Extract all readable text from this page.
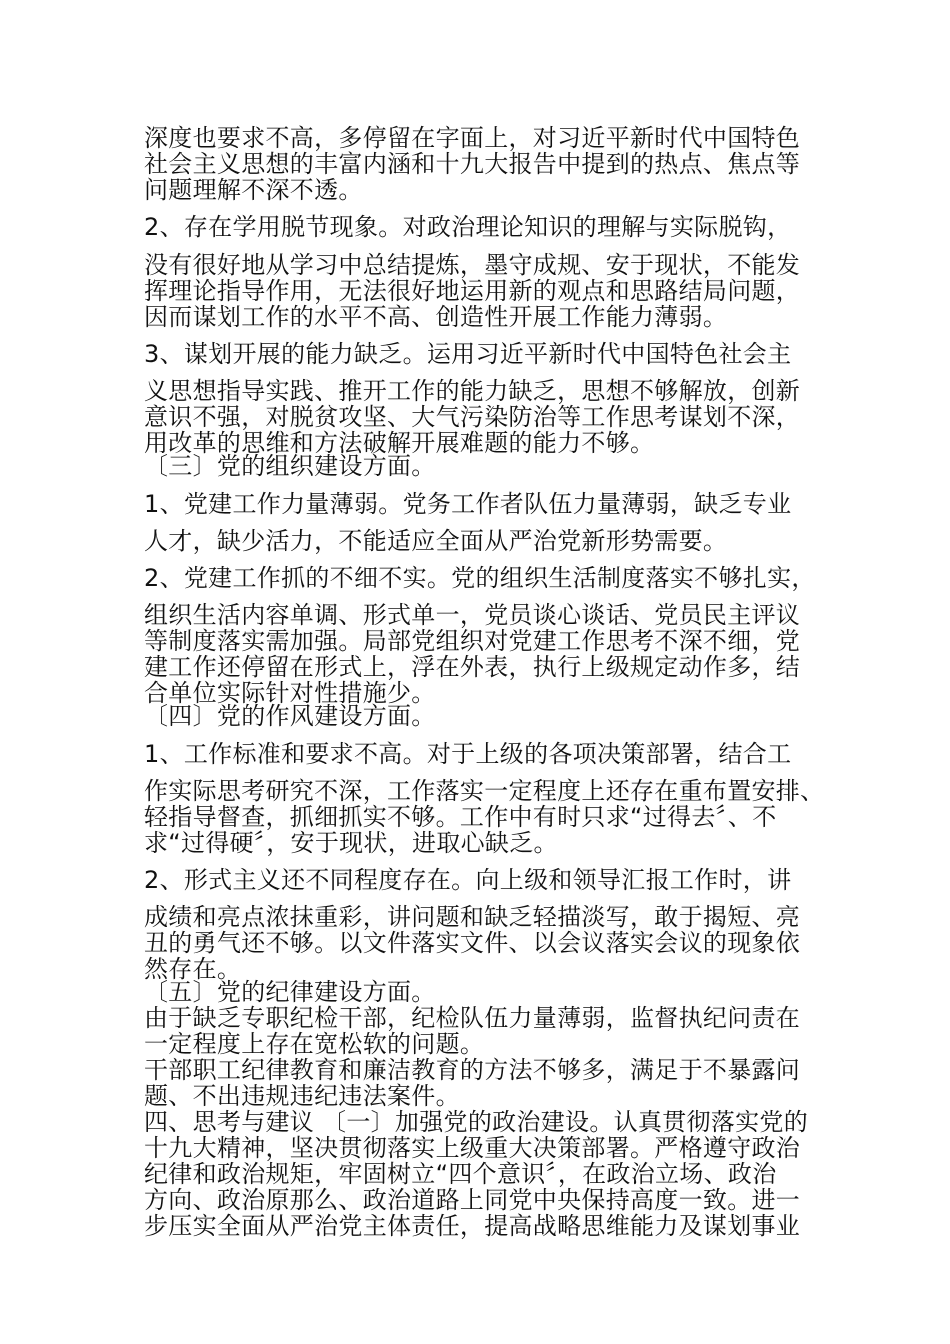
深度也要求不高，多停留在字面上，对习近平新时代中国特色
社会主义思想的丰富内涵和十九大报告中提到的热点、焦点等
问题理解不深不透。
2、存在学用脱节现象。对政治理论知识的理解与实际脱钩，
没有很好地从学习中总结提炼，墨守成规、安于现状，不能发
挥理论指导作用，无法很好地运用新的观点和思路结局问题，
因而谋划工作的水平不高、创造性开展工作能力薄弱。
3、谋划开展的能力缺乏。运用习近平新时代中国特色社会主
义思想指导实践、推开工作的能力缺乏，思想不够解放，创新
意识不强，对脱贫攻坚、大气污染防治等工作思考谋划不深，
用改革的思维和方法破解开展难题的能力不够。
〔三〕党的组织建设方面。
1、党建工作力量薄弱。党务工作者队伍力量薄弱，缺乏专业
人才，缺少活力，不能适应全面从严治党新形势需要。
2、党建工作抓的不细不实。党的组织生活制度落实不够扎实，
组织生活内容单调、形式单一，党员谈心谈话、党员民主评议
等制度落实需加强。局部党组织对党建工作思考不深不细，党
建工作还停留在形式上，浮在外表，执行上级规定动作多，结
合单位实际针对性措施少。
〔四〕党的作风建设方面。
1、工作标准和要求不高。对于上级的各项决策部署，结合工
作实际思考研究不深，工作落实一定程度上还存在重布置安排、
轻指导督查，抓细抓实不够。工作中有时只求“过得去〞、不
求“过得硬〞，安于现状，进取心缺乏。
2、形式主义还不同程度存在。向上级和领导汇报工作时，讲
成绩和亮点浓抹重彩，讲问题和缺乏轻描淡写，敢于揭短、亮
丑的勇气还不够。以文件落实文件、以会议落实会议的现象依
然存在。
〔五〕党的纪律建设方面。
由于缺乏专职纪检干部，纪检队伍力量薄弱，监督执纪问责在
一定程度上存在宽松软的问题。
干部职工纪律教育和廉洁教育的方法不够多，满足于不暴露问
题、不出违规违纪违法案件。
四、思考与建议 〔一〕加强党的政治建设。认真贯彻落实党的
十九大精神，坚决贯彻落实上级重大决策部署。严格遵守政治
纪律和政治规矩，牢固树立“四个意识〞，在政治立场、政治
方向、政治原那么、政治道路上同党中央保持高度一致。进一
步压实全面从严治党主体责任，提高战略思维能力及谋划事业
